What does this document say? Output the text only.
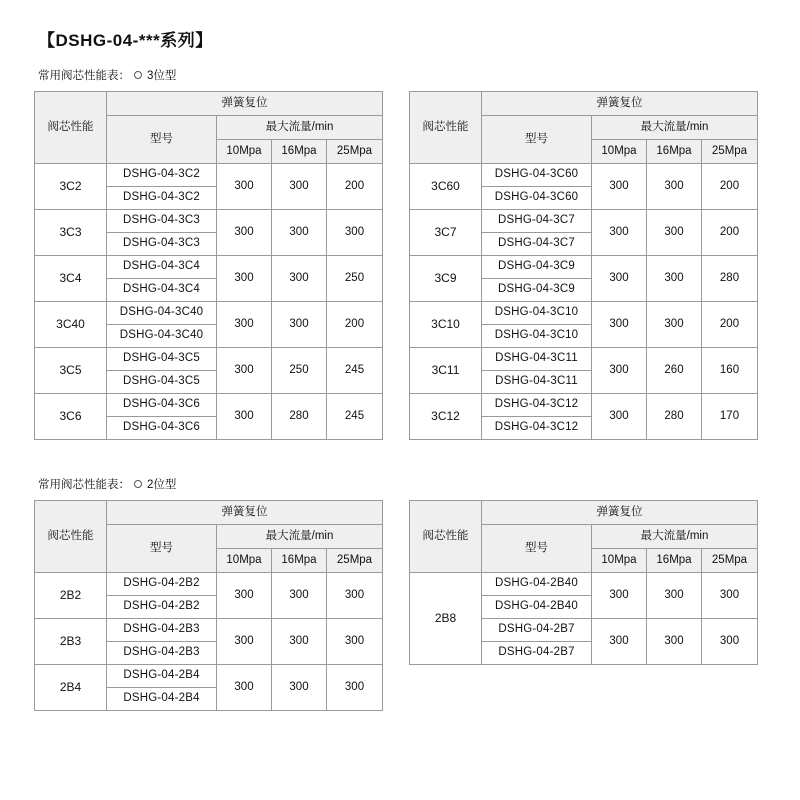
【DSHG-04-***系列】
常用阀芯性能表： 3位型
阀芯性能	弹簧复位			
	型号	最大流量/min		
		10Mpa	16Mpa	25Mpa
3C2	DSHG-04-3C2	300	300	200
	DSHG-04-3C2			
3C3	DSHG-04-3C3	300	300	300
	DSHG-04-3C3			
3C4	DSHG-04-3C4	300	300	250
	DSHG-04-3C4			
3C40	DSHG-04-3C40	300	300	200
	DSHG-04-3C40			
3C5	DSHG-04-3C5	300	250	245
	DSHG-04-3C5			
3C6	DSHG-04-3C6	300	280	245
	DSHG-04-3C6			
阀芯性能	弹簧复位			
	型号	最大流量/min		
		10Mpa	16Mpa	25Mpa
3C60	DSHG-04-3C60	300	300	200
	DSHG-04-3C60			
3C7	DSHG-04-3C7	300	300	200
	DSHG-04-3C7			
3C9	DSHG-04-3C9	300	300	280
	DSHG-04-3C9			
3C10	DSHG-04-3C10	300	300	200
	DSHG-04-3C10			
3C11	DSHG-04-3C11	300	260	160
	DSHG-04-3C11			
3C12	DSHG-04-3C12	300	280	170
	DSHG-04-3C12			
常用阀芯性能表： 2位型
阀芯性能	弹簧复位			
	型号	最大流量/min		
		10Mpa	16Mpa	25Mpa
2B2	DSHG-04-2B2	300	300	300
	DSHG-04-2B2			
2B3	DSHG-04-2B3	300	300	300
	DSHG-04-2B3			
2B4	DSHG-04-2B4	300	300	300
	DSHG-04-2B4			
阀芯性能	弹簧复位			
	型号	最大流量/min		
		10Mpa	16Mpa	25Mpa
2B8	DSHG-04-2B40	300	300	300
	DSHG-04-2B40			
	DSHG-04-2B7	300	300	300
	DSHG-04-2B7			
